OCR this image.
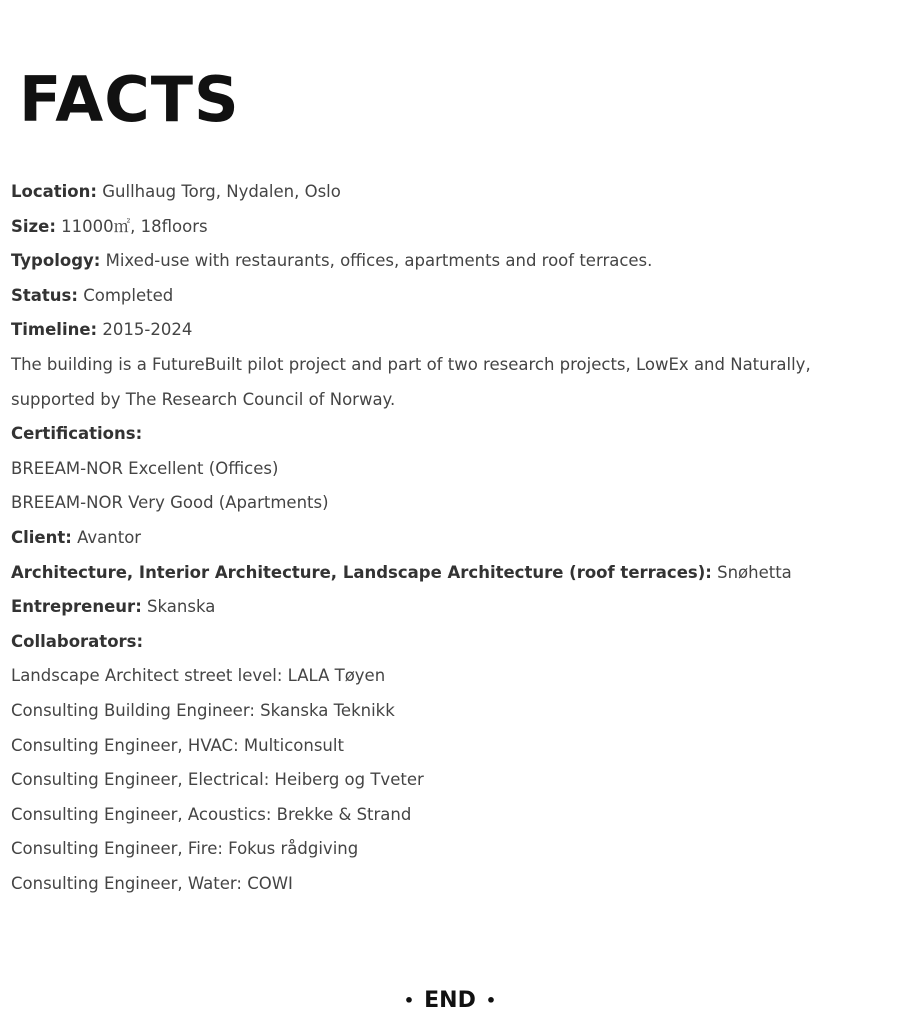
FACTS
Location: Gullhaug Torg, Nydalen, Oslo
Size: 11000㎡, 18floors
Typology: Mixed-use with restaurants, offices, apartments and roof terraces.
Status: Completed
Timeline: 2015-2024
The building is a FutureBuilt pilot project and part of two research projects, LowEx and Naturally, supported by The Research Council of Norway.
Certifications:
BREEAM-NOR Excellent (Offices)
BREEAM-NOR Very Good (Apartments)
Client: Avantor
Architecture, Interior Architecture, Landscape Architecture (roof terraces): Snøhetta
Entrepreneur: Skanska
Collaborators:
Landscape Architect street level: LALA Tøyen
Consulting Building Engineer: Skanska Teknikk
Consulting Engineer, HVAC: Multiconsult
Consulting Engineer, Electrical: Heiberg og Tveter
Consulting Engineer, Acoustics: Brekke & Strand
Consulting Engineer, Fire: Fokus rådgiving
Consulting Engineer, Water: COWI
• END •
